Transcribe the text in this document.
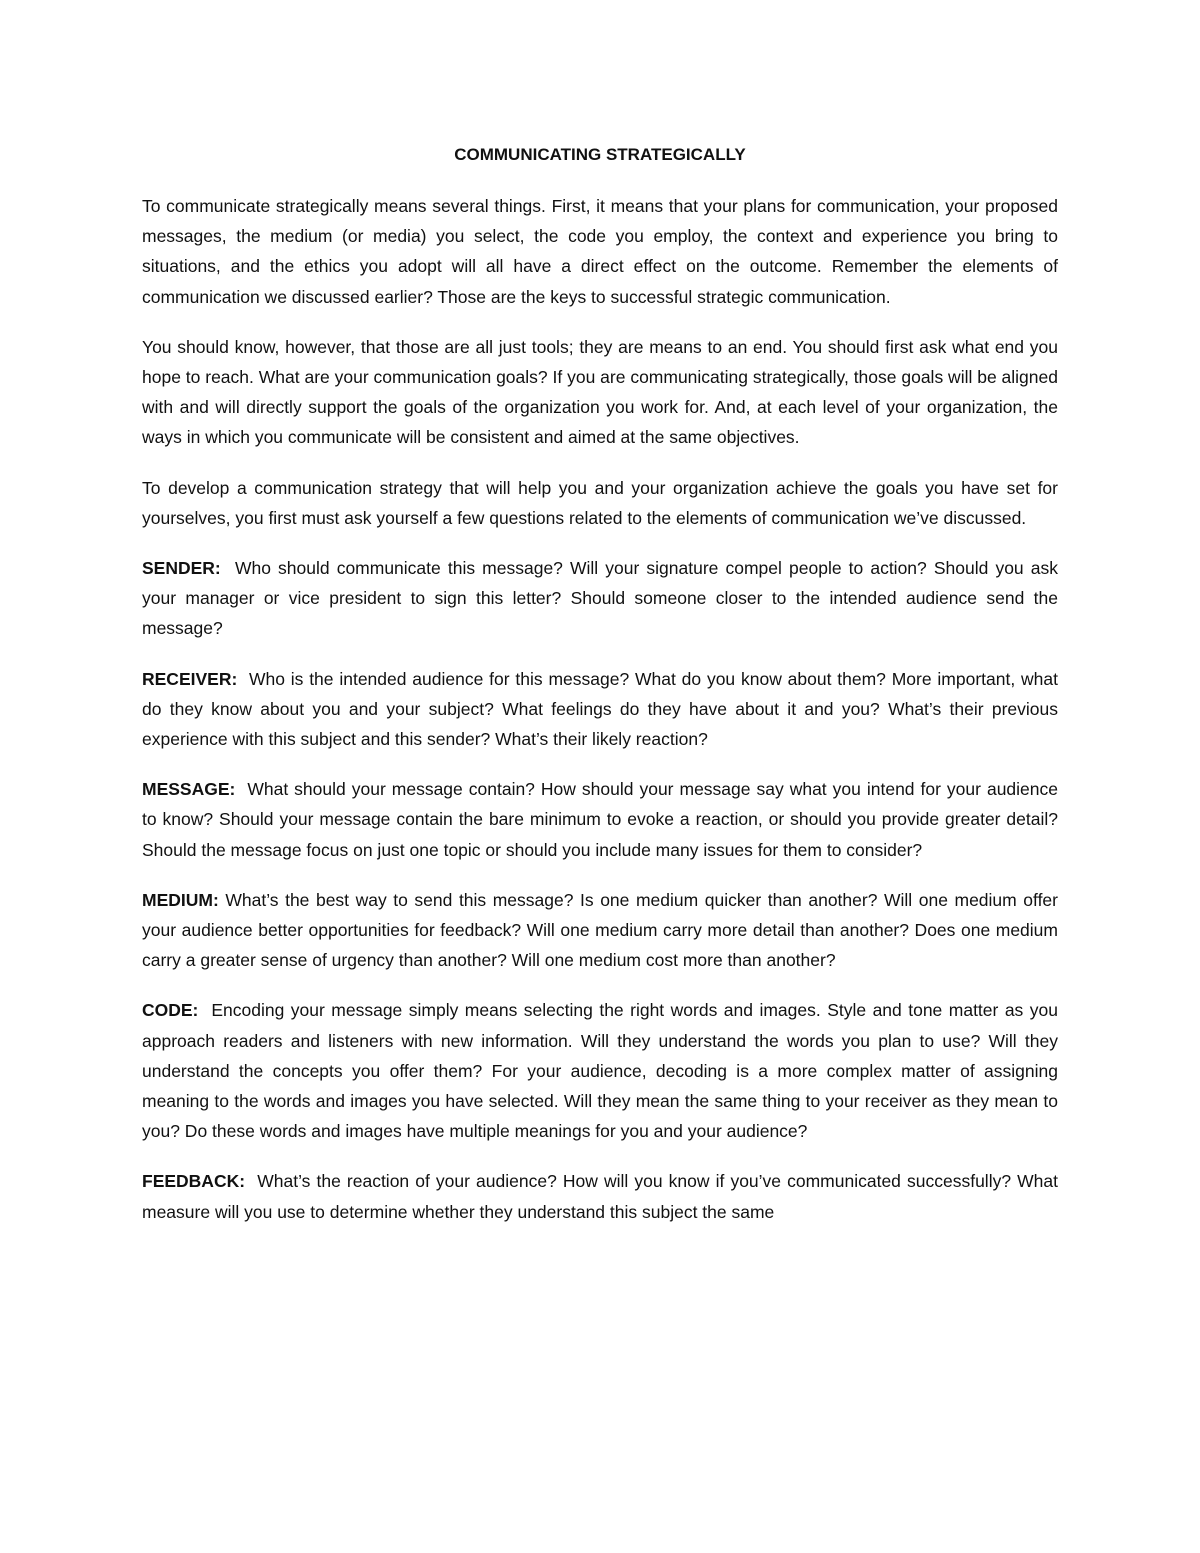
COMMUNICATING STRATEGICALLY

To communicate strategically means several things. First, it means that your plans for communication, your proposed messages, the medium (or media) you select, the code you employ, the context and experience you bring to situations, and the ethics you adopt will all have a direct effect on the outcome. Remember the elements of communication we discussed earlier? Those are the keys to successful strategic communication.

You should know, however, that those are all just tools; they are means to an end. You should first ask what end you hope to reach. What are your communication goals? If you are communicating strategically, those goals will be aligned with and will directly support the goals of the organization you work for. And, at each level of your organization, the ways in which you communicate will be consistent and aimed at the same objectives.

To develop a communication strategy that will help you and your organization achieve the goals you have set for yourselves, you first must ask yourself a few questions related to the elements of communication we’ve discussed.

SENDER: Who should communicate this message? Will your signature compel people to action? Should you ask your manager or vice president to sign this letter? Should someone closer to the intended audience send the message?

RECEIVER: Who is the intended audience for this message? What do you know about them? More important, what do they know about you and your subject? What feelings do they have about it and you? What’s their previous experience with this subject and this sender? What’s their likely reaction?

MESSAGE: What should your message contain? How should your message say what you intend for your audience to know? Should your message contain the bare minimum to evoke a reaction, or should you provide greater detail? Should the message focus on just one topic or should you include many issues for them to consider?

MEDIUM: What’s the best way to send this message? Is one medium quicker than another? Will one medium offer your audience better opportunities for feedback? Will one medium carry more detail than another? Does one medium carry a greater sense of urgency than another? Will one medium cost more than another?

CODE: Encoding your message simply means selecting the right words and images. Style and tone matter as you approach readers and listeners with new information. Will they understand the words you plan to use? Will they understand the concepts you offer them? For your audience, decoding is a more complex matter of assigning meaning to the words and images you have selected. Will they mean the same thing to your receiver as they mean to you? Do these words and images have multiple meanings for you and your audience?

FEEDBACK: What’s the reaction of your audience? How will you know if you’ve communicated successfully? What measure will you use to determine whether they understand this subject the same
